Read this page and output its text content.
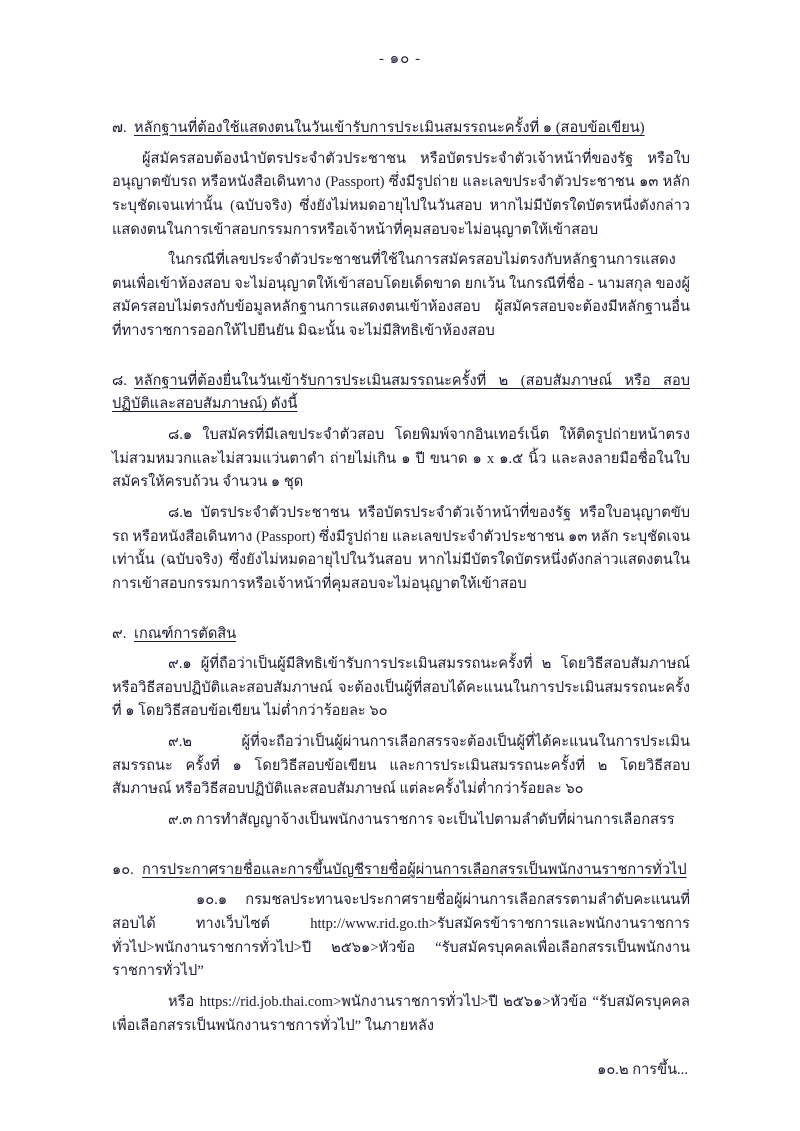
- ๑๐ -

๗. หลักฐานที่ต้องใช้แสดงตนในวันเข้ารับการประเมินสมรรถนะครั้งที่ ๑ (สอบข้อเขียน)

ผู้สมัครสอบต้องนำบัตรประจำตัวประชาชน หรือบัตรประจำตัวเจ้าหน้าที่ของรัฐ หรือใบอนุญาตขับรถ หรือหนังสือเดินทาง (Passport) ซึ่งมีรูปถ่าย และเลขประจำตัวประชาชน ๑๓ หลัก ระบุชัดเจนเท่านั้น (ฉบับจริง) ซึ่งยังไม่หมดอายุไปในวันสอบ หากไม่มีบัตรใดบัตรหนึ่งดังกล่าวแสดงตนในการเข้าสอบกรรมการหรือเจ้าหน้าที่คุมสอบจะไม่อนุญาตให้เข้าสอบ

ในกรณีที่เลขประจำตัวประชาชนที่ใช้ในการสมัครสอบไม่ตรงกับหลักฐานการแสดงตนเพื่อเข้าห้องสอบ จะไม่อนุญาตให้เข้าสอบโดยเด็ดขาด ยกเว้น ในกรณีที่ชื่อ - นามสกุล ของผู้สมัครสอบไม่ตรงกับข้อมูลหลักฐานการแสดงตนเข้าห้องสอบ ผู้สมัครสอบจะต้องมีหลักฐานอื่นที่ทางราชการออกให้ไปยืนยัน มิฉะนั้น จะไม่มีสิทธิเข้าห้องสอบ

๘. หลักฐานที่ต้องยื่นในวันเข้ารับการประเมินสมรรถนะครั้งที่ ๒ (สอบสัมภาษณ์ หรือ สอบปฏิบัติและสอบสัมภาษณ์) ดังนี้

๘.๑ ใบสมัครที่มีเลขประจำตัวสอบ โดยพิมพ์จากอินเทอร์เน็ต ให้ติดรูปถ่ายหน้าตรง ไม่สวมหมวกและไม่สวมแว่นตาดำ ถ่ายไม่เกิน ๑ ปี ขนาด ๑ x ๑.๕ นิ้ว และลงลายมือชื่อในใบสมัครให้ครบถ้วน จำนวน ๑ ชุด

๘.๒ บัตรประจำตัวประชาชน หรือบัตรประจำตัวเจ้าหน้าที่ของรัฐ หรือใบอนุญาตขับรถ หรือหนังสือเดินทาง (Passport) ซึ่งมีรูปถ่าย และเลขประจำตัวประชาชน ๑๓ หลัก ระบุชัดเจนเท่านั้น (ฉบับจริง) ซึ่งยังไม่หมดอายุไปในวันสอบ หากไม่มีบัตรใดบัตรหนึ่งดังกล่าวแสดงตนในการเข้าสอบกรรมการหรือเจ้าหน้าที่คุมสอบจะไม่อนุญาตให้เข้าสอบ

๙. เกณฑ์การตัดสิน

๙.๑ ผู้ที่ถือว่าเป็นผู้มีสิทธิเข้ารับการประเมินสมรรถนะครั้งที่ ๒ โดยวิธีสอบสัมภาษณ์ หรือวิธีสอบปฏิบัติและสอบสัมภาษณ์ จะต้องเป็นผู้ที่สอบได้คะแนนในการประเมินสมรรถนะครั้งที่ ๑ โดยวิธีสอบข้อเขียน ไม่ต่ำกว่าร้อยละ ๖๐

๙.๒ ผู้ที่จะถือว่าเป็นผู้ผ่านการเลือกสรรจะต้องเป็นผู้ที่ได้คะแนนในการประเมินสมรรถนะ ครั้งที่ ๑ โดยวิธีสอบข้อเขียน และการประเมินสมรรถนะครั้งที่ ๒ โดยวิธีสอบสัมภาษณ์ หรือวิธีสอบปฏิบัติและสอบสัมภาษณ์ แต่ละครั้งไม่ต่ำกว่าร้อยละ ๖๐

๙.๓ การทำสัญญาจ้างเป็นพนักงานราชการ จะเป็นไปตามลำดับที่ผ่านการเลือกสรร

๑๐. การประกาศรายชื่อและการขึ้นบัญชีรายชื่อผู้ผ่านการเลือกสรรเป็นพนักงานราชการทั่วไป

๑๐.๑ กรมชลประทานจะประกาศรายชื่อผู้ผ่านการเลือกสรรตามลำดับคะแนนที่สอบได้ ทางเว็บไซต์ http://www.rid.go.th>รับสมัครข้าราชการและพนักงานราชการทั่วไป>พนักงานราชการทั่วไป>ปี ๒๕๖๑>หัวข้อ “รับสมัครบุคคลเพื่อเลือกสรรเป็นพนักงานราชการทั่วไป”

หรือ https://rid.job.thai.com>พนักงานราชการทั่วไป>ปี ๒๕๖๑>หัวข้อ “รับสมัครบุคคลเพื่อเลือกสรรเป็นพนักงานราชการทั่วไป” ในภายหลัง

๑๐.๒ การขึ้น...
